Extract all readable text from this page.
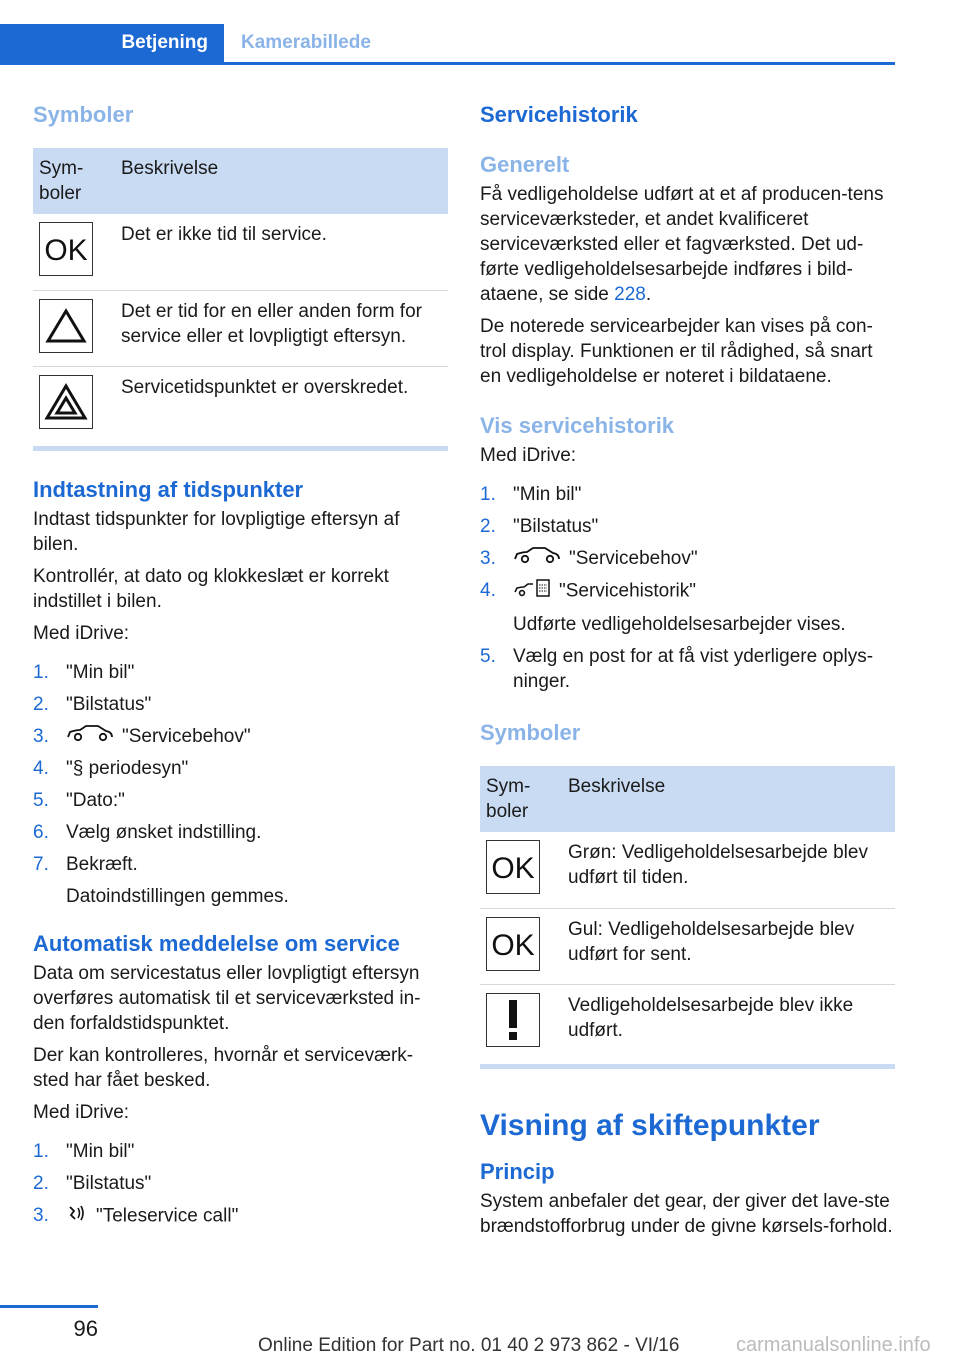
Betjening	Kamerabillede
Symboler
Sym-
boler	Beskrivelse

OK	Det er ikke tid til service.

	Det er tid for en eller anden form for service eller et lovpligtigt eftersyn.

	Servicetidspunktet er overskredet.
Indtastning af tidspunkter

Indtast tidspunkter for lovpligtige eftersyn af bilen.

Kontrollér, at dato og klokkeslæt er korrekt indstillet i bilen.

Med iDrive:

1. "Min bil"
2. "Bilstatus"
3.	"Servicebehov"
4. "§ periodesyn"
5. "Dato:"
6. Vælg ønsket indstilling.
7. Bekræft.
Datoindstillingen gemmes.
Automatisk meddelelse om service

Data om servicestatus eller lovpligtigt eftersyn overføres automatisk til et serviceværksted in-den forfaldstidspunktet.

Der kan kontrolleres, hvornår et serviceværk-sted har fået besked.

Med iDrive:

1. "Min bil"
2. "Bilstatus"
3. "Teleservice call"
Servicehistorik
Generelt

Få vedligeholdelse udført at et af producen-tens serviceværksteder, et andet kvalificeret serviceværksted eller et fagværksted. Det ud-førte vedligeholdelsesarbejde indføres i bild-ataene, se side 228.

De noterede servicearbejder kan vises på con-trol display. Funktionen er til rådighed, så snart en vedligeholdelse er noteret i bildataene.

Vis servicehistorik

Med iDrive:

1. "Min bil"
2. "Bilstatus"
3.	"Servicebehov"
4.	"Servicehistorik"
Udførte vedligeholdelsesarbejder vises.
5. Vælg en post for at få vist yderligere oplys-ninger.
Symboler
Sym-
boler	Beskrivelse

OK	Grøn: Vedligeholdelsesarbejde blev udført til tiden.

OK	Gul: Vedligeholdelsesarbejde blev udført for sent.

	Vedligeholdelsesarbejde blev ikke udført.
Visning af skiftepunkter
Princip

System anbefaler det gear, der giver det lave-ste brændstofforbrug under de givne kørsels-forhold.

96
Online Edition for Part no. 01 40 2 973 862 - VI/16	carmanualsonline.info
